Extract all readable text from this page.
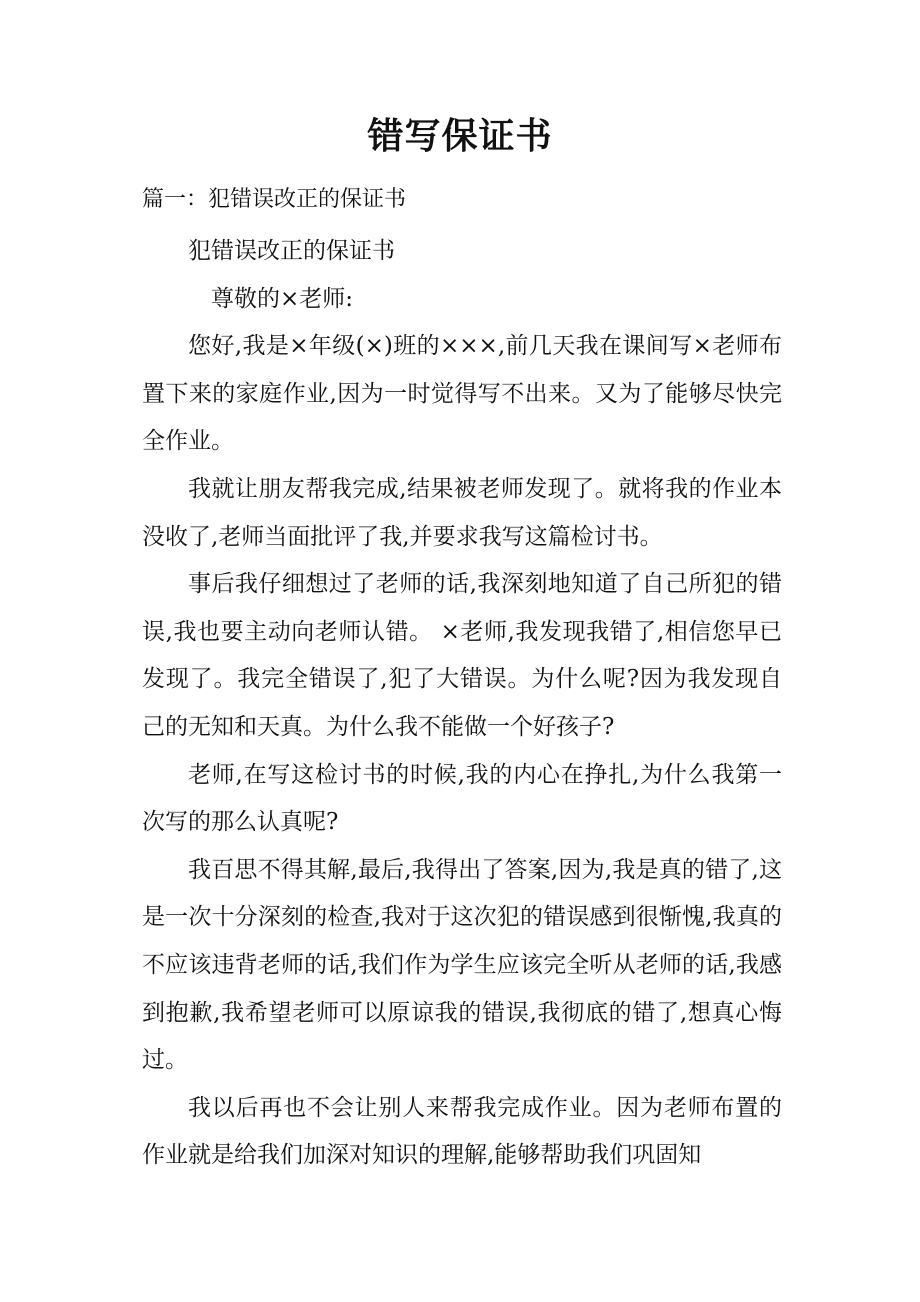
错写保证书
篇一：犯错误改正的保证书

犯错误改正的保证书

尊敬的×老师:

您好,我是×年级(×)班的×××,前几天我在课间写×老师布置下来的家庭作业,因为一时觉得写不出来。又为了能够尽快完全作业。

我就让朋友帮我完成,结果被老师发现了。就将我的作业本没收了,老师当面批评了我,并要求我写这篇检讨书。

事后我仔细想过了老师的话,我深刻地知道了自己所犯的错误,我也要主动向老师认错。 ×老师,我发现我错了,相信您早已发现了。我完全错误了,犯了大错误。为什么呢?因为我发现自己的无知和天真。为什么我不能做一个好孩子?

老师,在写这检讨书的时候,我的内心在挣扎,为什么我第一次写的那么认真呢?

我百思不得其解,最后,我得出了答案,因为,我是真的错了,这是一次十分深刻的检查,我对于这次犯的错误感到很惭愧,我真的不应该违背老师的话,我们作为学生应该完全听从老师的话,我感到抱歉,我希望老师可以原谅我的错误,我彻底的错了,想真心悔过。

我以后再也不会让别人来帮我完成作业。因为老师布置的作业就是给我们加深对知识的理解,能够帮助我们巩固知
